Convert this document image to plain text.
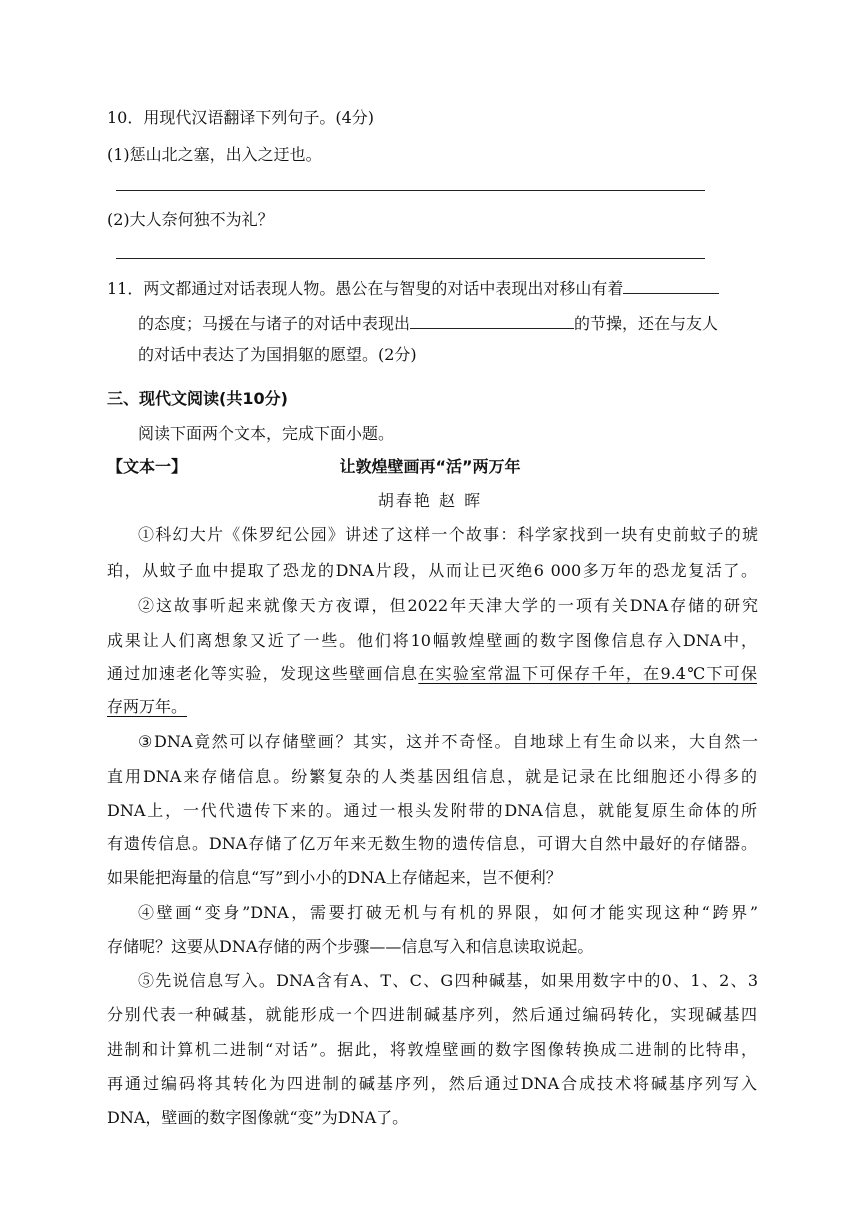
10．用现代汉语翻译下列句子。(4分)
(1)惩山北之塞，出入之迂也。
(2)大人奈何独不为礼？
11．两文都通过对话表现人物。愚公在与智叟的对话中表现出对移山有着
的态度；马援在与诸子的对话中表现出	的节操，还在与友人
的对话中表达了为国捐躯的愿望。(2分)
三、现代文阅读(共10分)
阅读下面两个文本，完成下面小题。
【文本一】	让敦煌壁画再“活”两万年
胡春艳 赵 晖
①科幻大片《侏罗纪公园》讲述了这样一个故事：科学家找到一块有史前蚊子的琥
珀，从蚊子血中提取了恐龙的DNA片段，从而让已灭绝6 000多万年的恐龙复活了。
②这故事听起来就像天方夜谭，但2022年天津大学的一项有关DNA存储的研究
成果让人们离想象又近了一些。他们将10幅敦煌壁画的数字图像信息存入DNA中，
通过加速老化等实验，发现这些壁画信息在实验室常温下可保存千年，在9.4℃下可保
存两万年。
③DNA竟然可以存储壁画？其实，这并不奇怪。自地球上有生命以来，大自然一
直用DNA来存储信息。纷繁复杂的人类基因组信息，就是记录在比细胞还小得多的
DNA上，一代代遗传下来的。通过一根头发附带的DNA信息，就能复原生命体的所
有遗传信息。DNA存储了亿万年来无数生物的遗传信息，可谓大自然中最好的存储器。
如果能把海量的信息“写”到小小的DNA上存储起来，岂不便利？
④壁画“变身”DNA，需要打破无机与有机的界限，如何才能实现这种“跨界”
存储呢？这要从DNA存储的两个步骤——信息写入和信息读取说起。
⑤先说信息写入。DNA含有A、T、C、G四种碱基，如果用数字中的0、1、2、3
分别代表一种碱基，就能形成一个四进制碱基序列，然后通过编码转化，实现碱基四
进制和计算机二进制“对话”。据此，将敦煌壁画的数字图像转换成二进制的比特串，
再通过编码将其转化为四进制的碱基序列，然后通过DNA合成技术将碱基序列写入
DNA，壁画的数字图像就“变”为DNA了。
